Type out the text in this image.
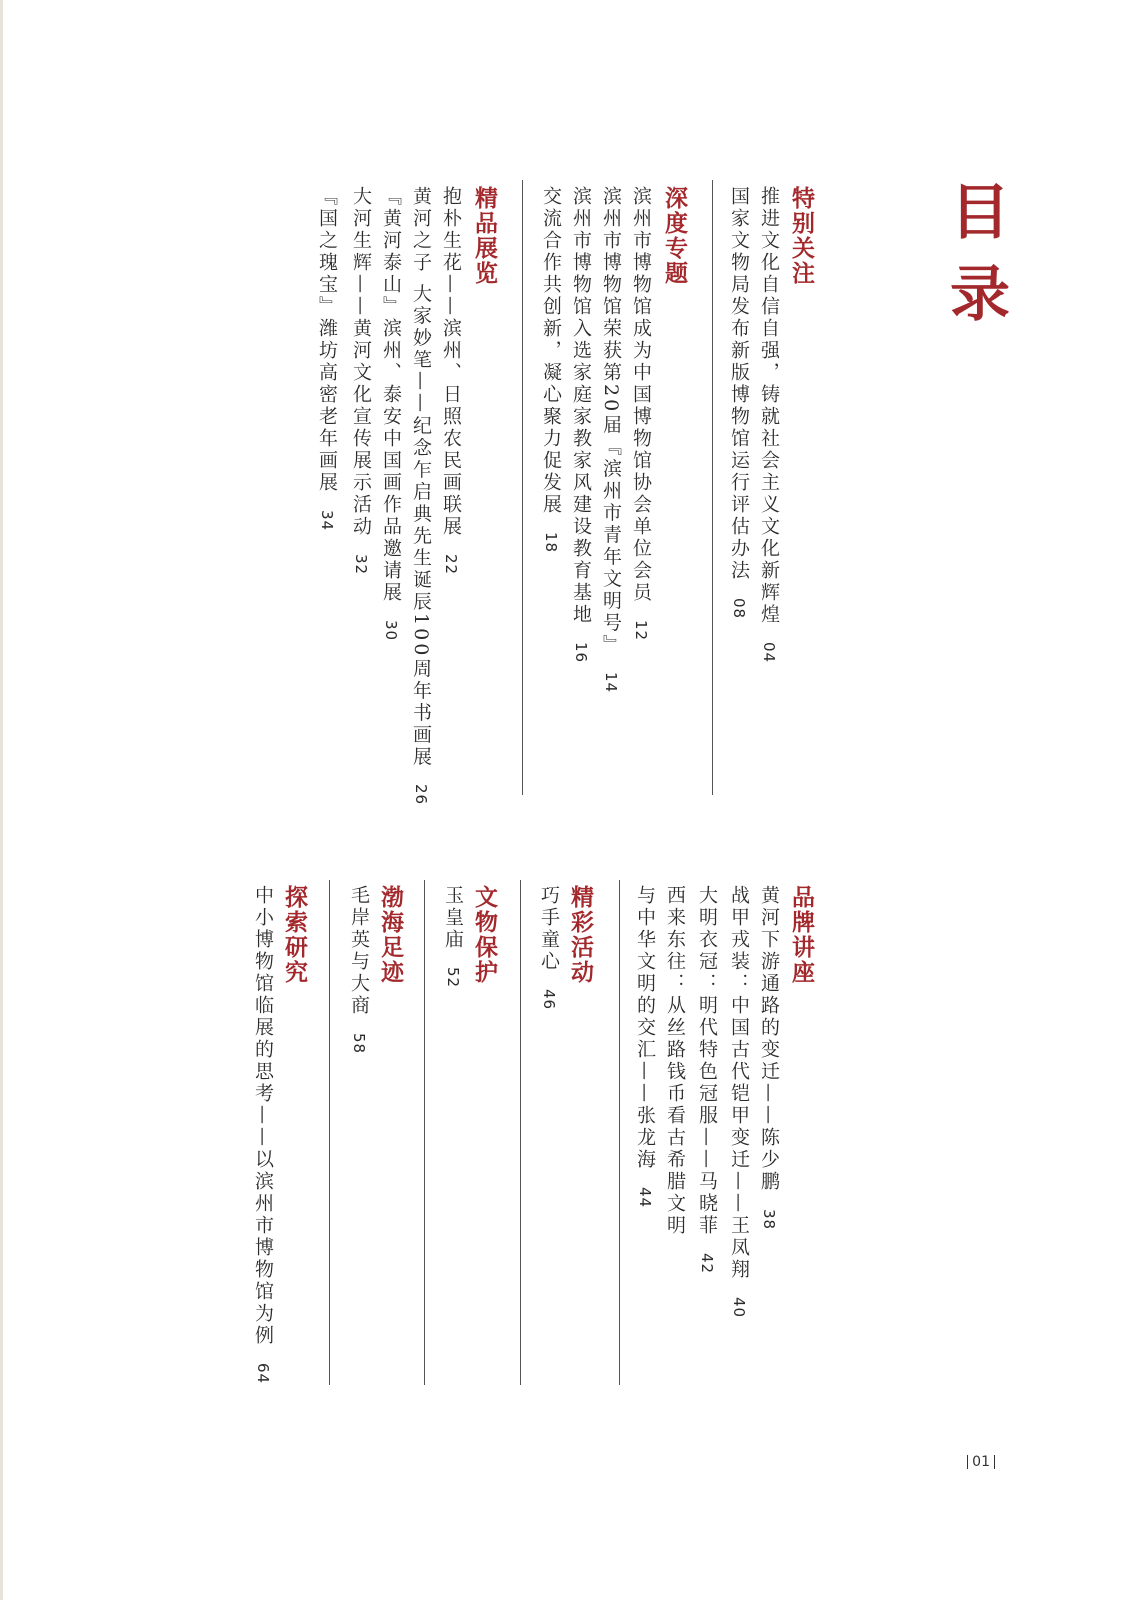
目录
特别关注
推进文化自信自强，铸就社会主义文化新辉煌04
国家文物局发布新版博物馆运行评估办法08
深度专题
滨州市博物馆成为中国博物馆协会单位会员12
滨州市博物馆荣获第20届『滨州市青年文明号』14
滨州市博物馆入选家庭家教家风建设教育基地16
交流合作共创新，凝心聚力促发展18
精品展览
抱朴生花——滨州、日照农民画联展22
黄河之子 大家妙笔——纪念乍启典先生诞辰100周年书画展26
『黄河泰山』滨州、泰安中国画作品邀请展30
大河生辉——黄河文化宣传展示活动32
『国之瑰宝』潍坊高密老年画展34
品牌讲座
黄河下游通路的变迁——陈少鹏38
战甲戎装：中国古代铠甲变迁——王凤翔40
大明衣冠：明代特色冠服——马晓菲42
西来东往：从丝路钱币看古希腊文明
与中华文明的交汇——张龙海44
精彩活动
巧手童心46
文物保护
玉皇庙52
渤海足迹
毛岸英与大商58
探索研究
中小博物馆临展的思考——以滨州市博物馆为例64
01
